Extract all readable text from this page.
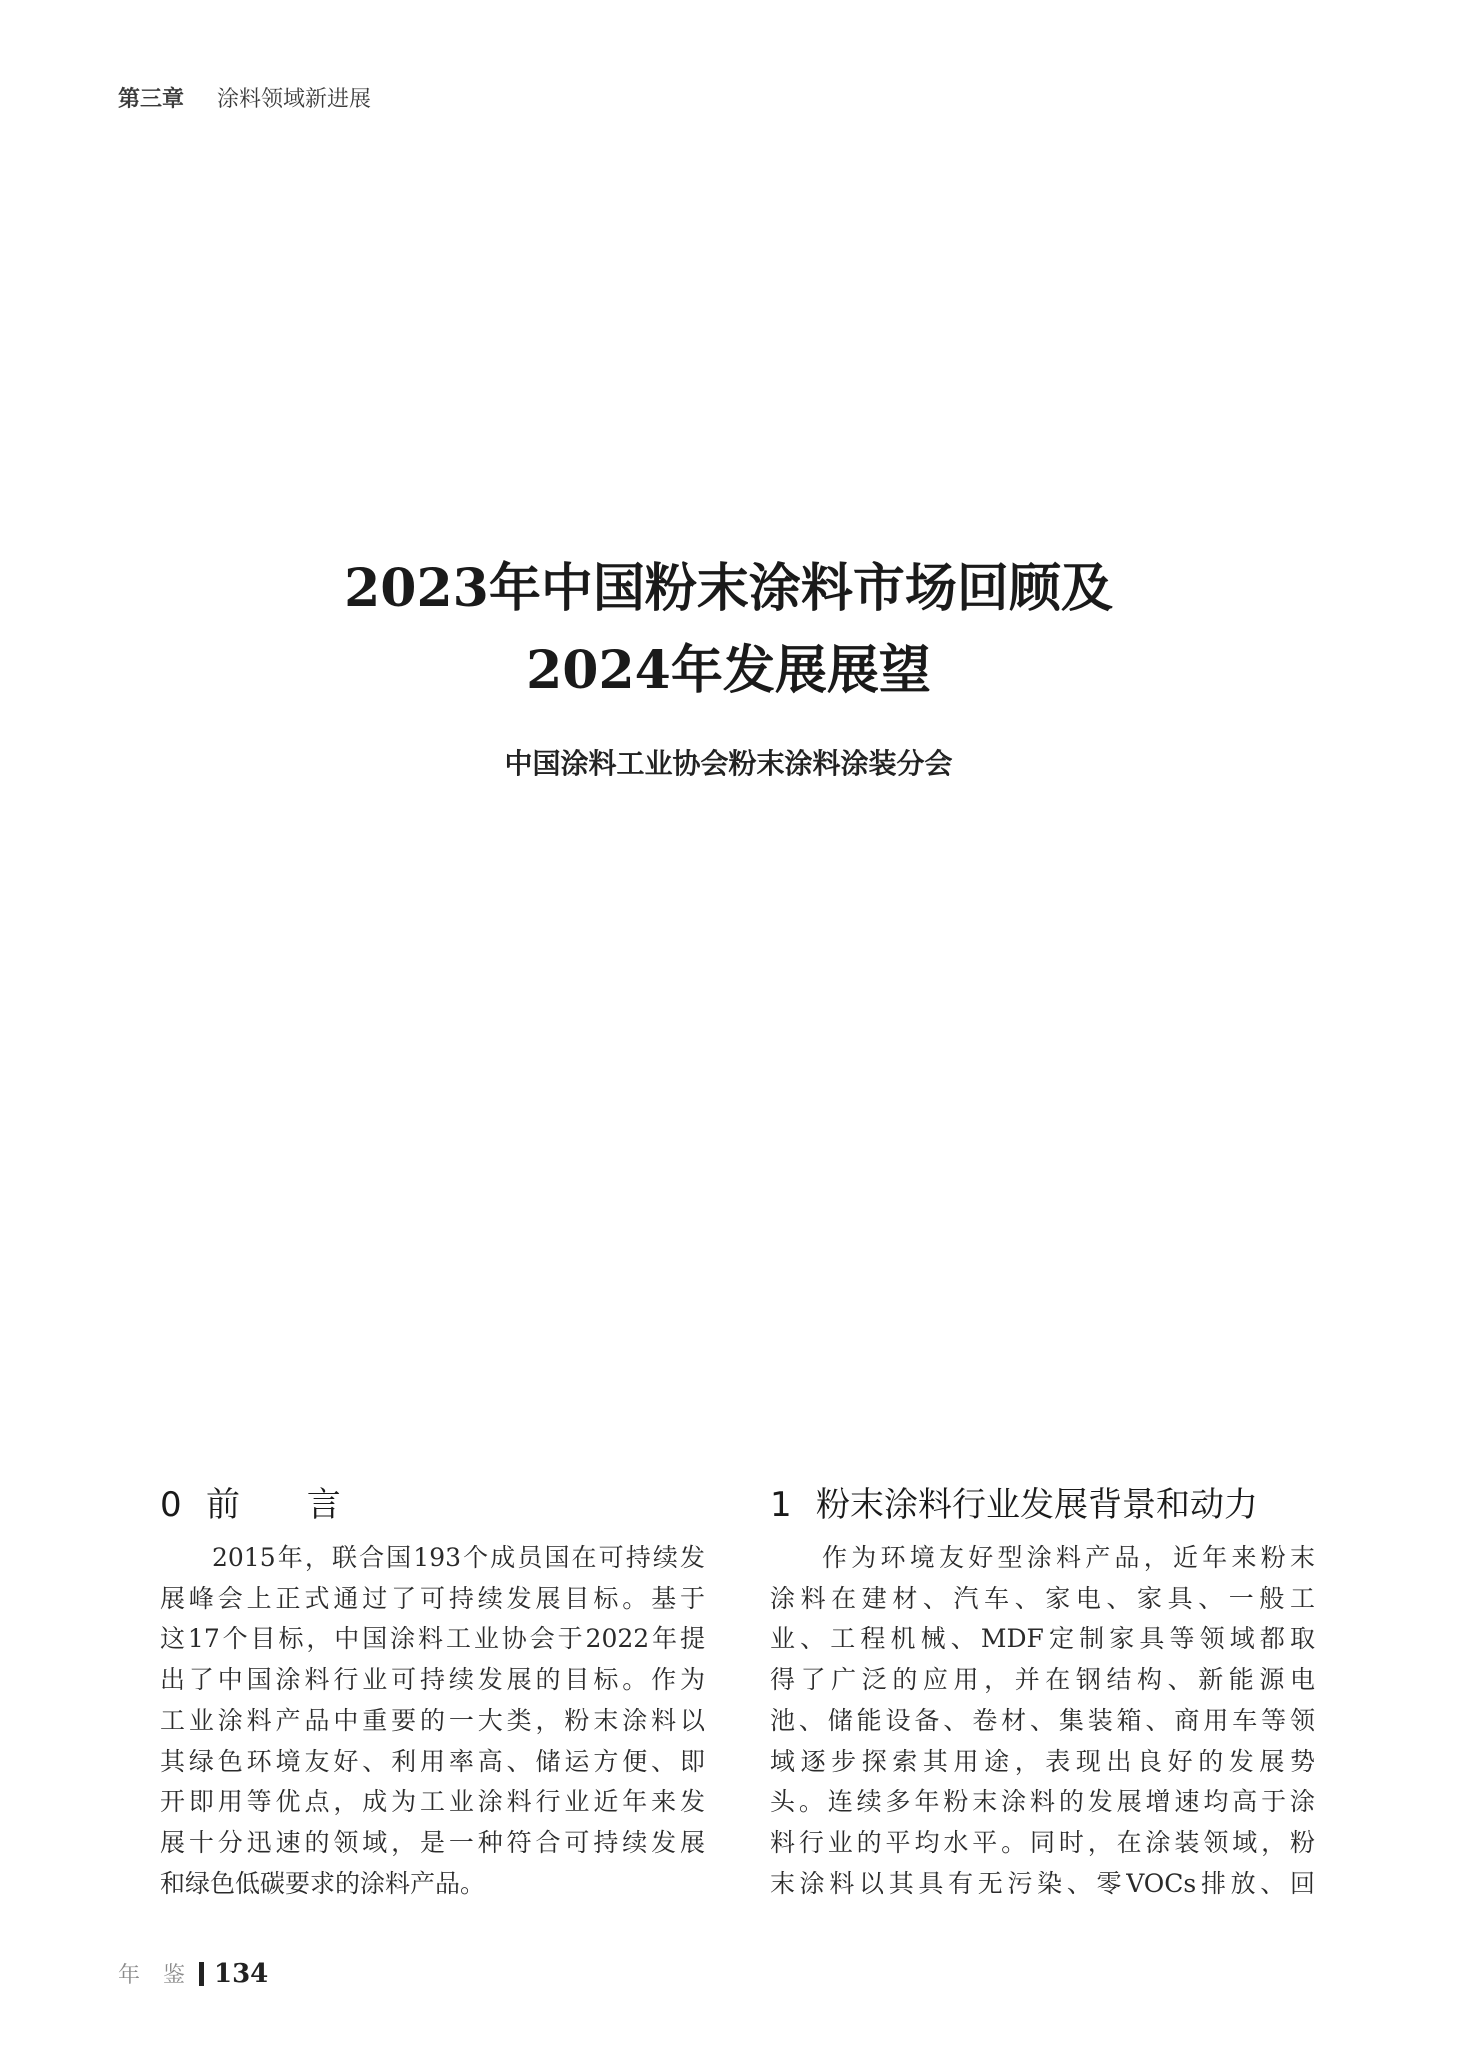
第三章 涂料领域新进展
2023年中国粉末涂料市场回顾及
2024年发展展望
中国涂料工业协会粉末涂料涂装分会
0 前 言
2015年，联合国193个成员国在可持续发
展峰会上正式通过了可持续发展目标。基于
这17个目标，中国涂料工业协会于2022年提
出了中国涂料行业可持续发展的目标。作为
工业涂料产品中重要的一大类，粉末涂料以
其绿色环境友好、利用率高、储运方便、即
开即用等优点，成为工业涂料行业近年来发
展十分迅速的领域，是一种符合可持续发展
和绿色低碳要求的涂料产品。
1 粉末涂料行业发展背景和动力
作为环境友好型涂料产品，近年来粉末
涂料在建材、汽车、家电、家具、一般工
业、工程机械、MDF定制家具等领域都取
得了广泛的应用，并在钢结构、新能源电
池、储能设备、卷材、集装箱、商用车等领
域逐步探索其用途，表现出良好的发展势
头。连续多年粉末涂料的发展增速均高于涂
料行业的平均水平。同时，在涂装领域，粉
末涂料以其具有无污染、零VOCs排放、回
年 鉴 134
